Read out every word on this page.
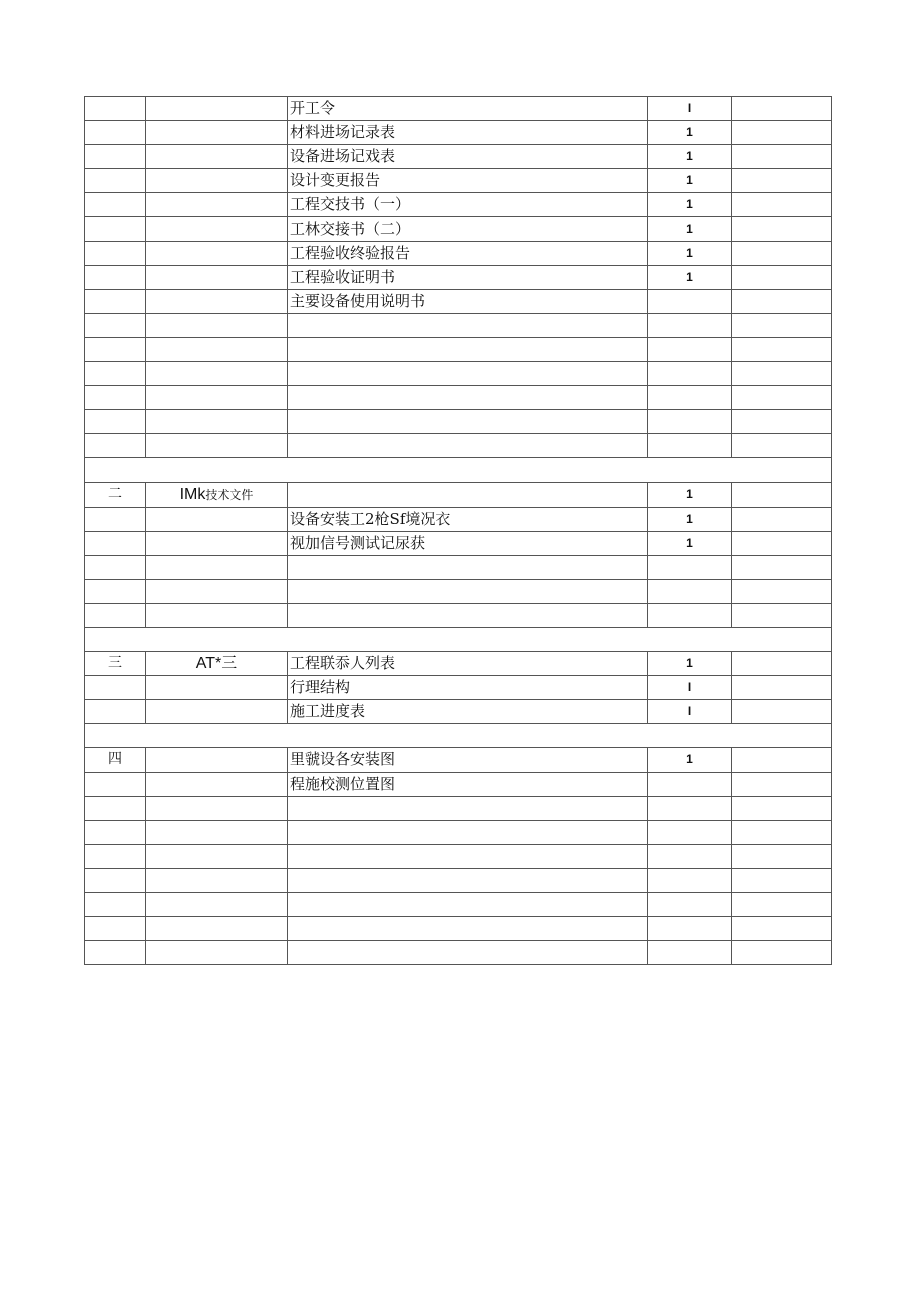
		开工令	I	
		材料进场记录表	1	
		设备进场记戏表	1	
		设计变更报告	1	
		工程交技书（一）	1	
		工林交接书（二）	1	
		工程验收终验报告	1	
		工程验收证明书	1	
		主要设备使用说明书		

二	IMk技术文件		1	
		设备安装工2枪Sf境况衣	1	
		视加信号测试记尿获	1	

三	AT*三	工程联忝人列表	1	
		行理结构	I	
		施工进度表	I	

四		里虢设各安装图	1	
		程施校测位置图		
